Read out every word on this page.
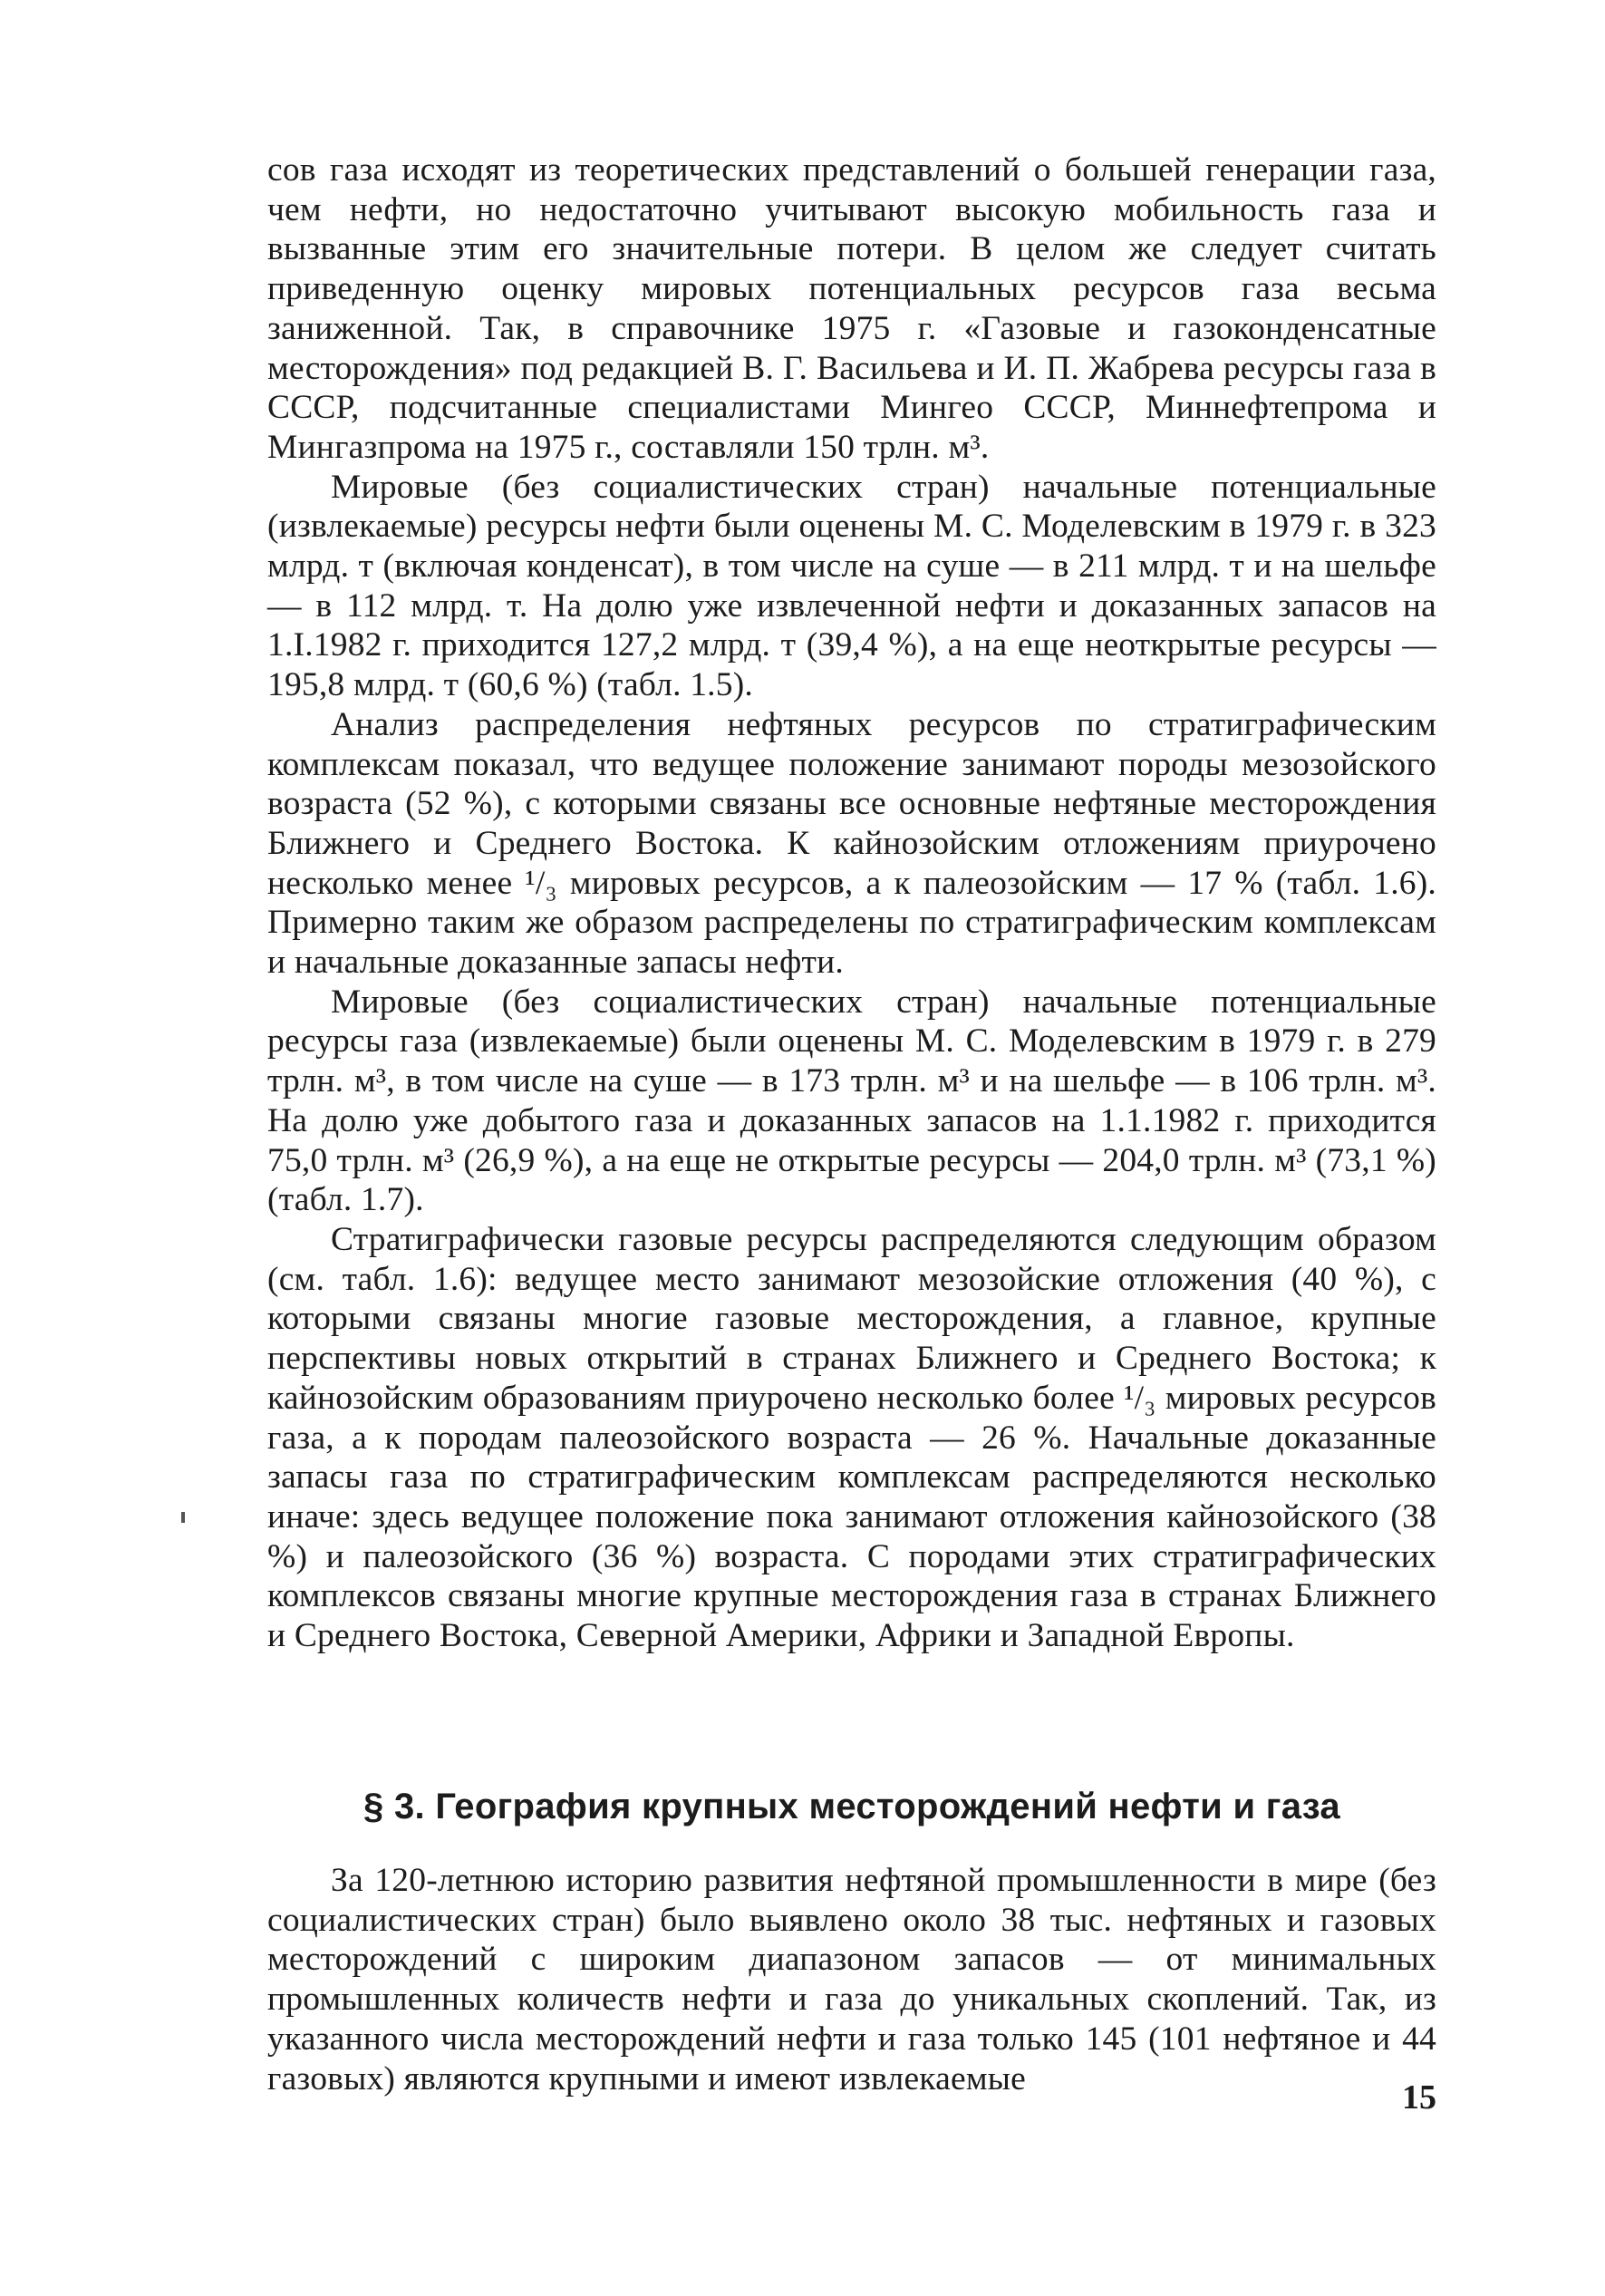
сов газа исходят из теоретических представлений о большей генерации газа, чем нефти, но недостаточно учитывают высокую мобильность газа и вызванные этим его значительные потери. В целом же следует считать приведенную оценку мировых потенциальных ресурсов газа весьма заниженной. Так, в справочнике 1975 г. «Газовые и газоконденсатные месторождения» под редакцией В. Г. Васильева и И. П. Жабрева ресурсы газа в СССР, подсчитанные специалистами Мингео СССР, Миннефтепрома и Мингазпрома на 1975 г., составляли 150 трлн. м³.

Мировые (без социалистических стран) начальные потенциальные (извлекаемые) ресурсы нефти были оценены М. С. Моделевским в 1979 г. в 323 млрд. т (включая конденсат), в том числе на суше — в 211 млрд. т и на шельфе — в 112 млрд. т. На долю уже извлеченной нефти и доказанных запасов на 1.I.1982 г. приходится 127,2 млрд. т (39,4 %), а на еще неоткрытые ресурсы — 195,8 млрд. т (60,6 %) (табл. 1.5).

Анализ распределения нефтяных ресурсов по стратиграфическим комплексам показал, что ведущее положение занимают породы мезозойского возраста (52 %), с которыми связаны все основные нефтяные месторождения Ближнего и Среднего Востока. К кайнозойским отложениям приурочено несколько менее ¹/₃ мировых ресурсов, а к палеозойским — 17 % (табл. 1.6). Примерно таким же образом распределены по стратиграфическим комплексам и начальные доказанные запасы нефти.

Мировые (без социалистических стран) начальные потенциальные ресурсы газа (извлекаемые) были оценены М. С. Моделевским в 1979 г. в 279 трлн. м³, в том числе на суше — в 173 трлн. м³ и на шельфе — в 106 трлн. м³. На долю уже добытого газа и доказанных запасов на 1.1.1982 г. приходится 75,0 трлн. м³ (26,9 %), а на еще не открытые ресурсы — 204,0 трлн. м³ (73,1 %) (табл. 1.7).

Стратиграфически газовые ресурсы распределяются следующим образом (см. табл. 1.6): ведущее место занимают мезозойские отложения (40 %), с которыми связаны многие газовые месторождения, а главное, крупные перспективы новых открытий в странах Ближнего и Среднего Востока; к кайнозойским образованиям приурочено несколько более ¹/₃ мировых ресурсов газа, а к породам палеозойского возраста — 26 %. Начальные доказанные запасы газа по стратиграфическим комплексам распределяются несколько иначе: здесь ведущее положение пока занимают отложения кайнозойского (38 %) и палеозойского (36 %) возраста. С породами этих стратиграфических комплексов связаны многие крупные месторождения газа в странах Ближнего и Среднего Востока, Северной Америки, Африки и Западной Европы.

§ 3. География крупных месторождений нефти и газа

За 120-летнюю историю развития нефтяной промышленности в мире (без социалистических стран) было выявлено около 38 тыс. нефтяных и газовых месторождений с широким диапазоном запасов — от минимальных промышленных количеств нефти и газа до уникальных скоплений. Так, из указанного числа месторождений нефти и газа только 145 (101 нефтяное и 44 газовых) являются крупными и имеют извлекаемые	15
